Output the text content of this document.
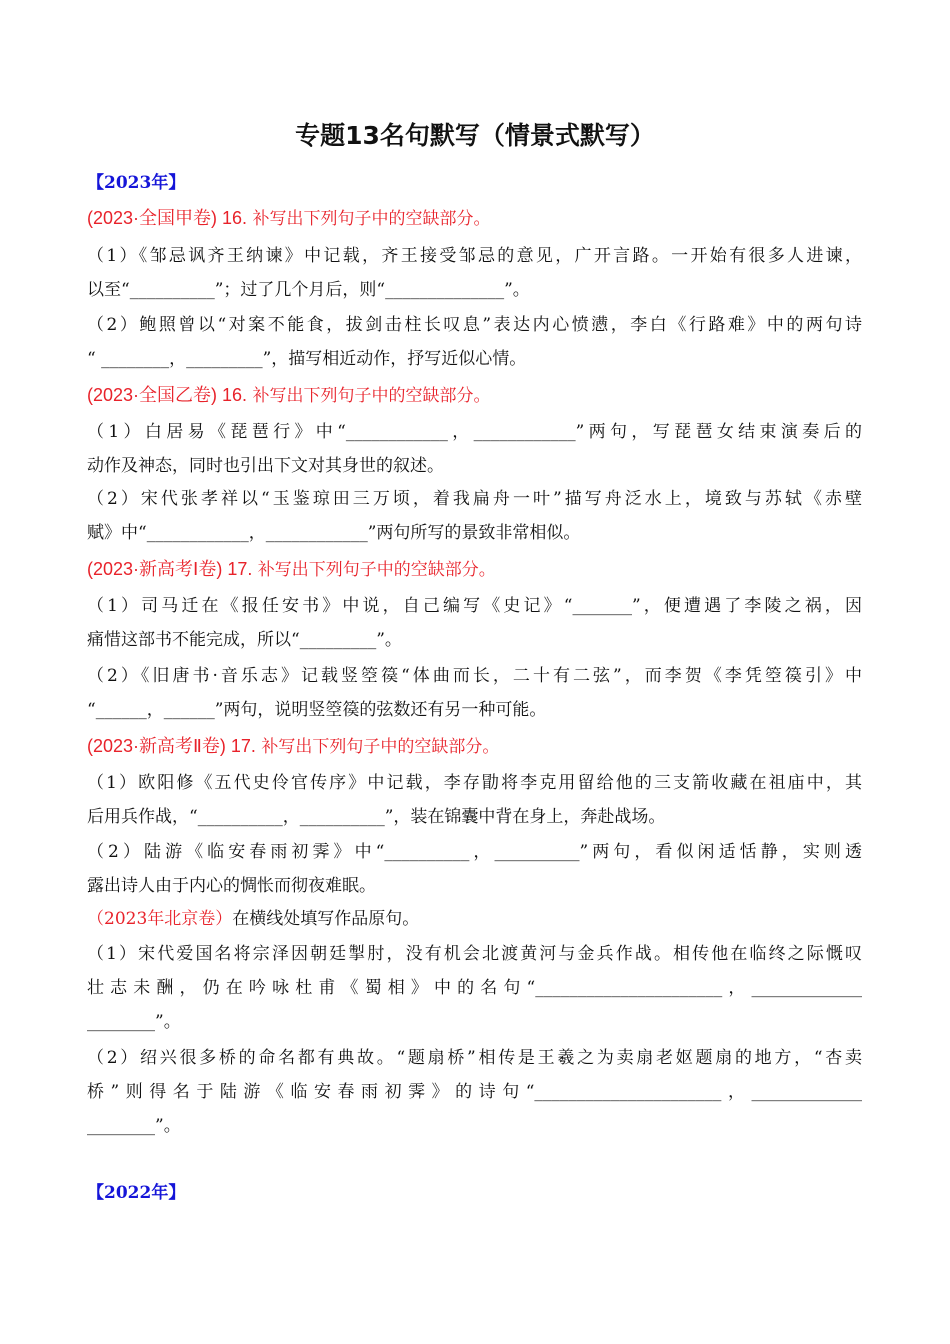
专题13名句默写（情景式默写）
【2023年】
(2023·全国甲卷) 16. 补写出下列句子中的空缺部分。
（1）《邹忌讽齐王纳谏》中记载，齐王接受邹忌的意见，广开言路。一开始有很多人进谏，
以至“__________”；过了几个月后，则“______________”。
（2）鲍照曾以“对案不能食，拔剑击柱长叹息”表达内心愤懑，李白《行路难》中的两句诗
“ ________，_________”，描写相近动作，抒写近似心情。
(2023·全国乙卷) 16. 补写出下列句子中的空缺部分。
（1）白居易《琵琶行》中“____________，____________”两句，写琵琶女结束演奏后的
动作及神态，同时也引出下文对其身世的叙述。
（2）宋代张孝祥以“玉鉴琼田三万顷，着我扁舟一叶”描写舟泛水上，境致与苏轼《赤壁
赋》中“____________，____________”两句所写的景致非常相似。
(2023·新高考Ⅰ卷) 17. 补写出下列句子中的空缺部分。
（1）司马迁在《报任安书》中说，自己编写《史记》“_______”，便遭遇了李陵之祸，因
痛惜这部书不能完成，所以“_________”。
（2）《旧唐书·音乐志》记载竖箜篌“体曲而长，二十有二弦”，而李贺《李凭箜篌引》中
“______，______”两句，说明竖箜篌的弦数还有另一种可能。
(2023·新高考Ⅱ卷) 17. 补写出下列句子中的空缺部分。
（1）欧阳修《五代史伶官传序》中记载，李存勖将李克用留给他的三支箭收藏在祖庙中，其
后用兵作战，“__________，__________”，装在锦囊中背在身上，奔赴战场。
（2）陆游《临安春雨初霁》中“__________，__________”两句，看似闲适恬静，实则透
露出诗人由于内心的惆怅而彻夜难眠。
（2023年北京卷）在横线处填写作品原句。
（1）宋代爱国名将宗泽因朝廷掣肘，没有机会北渡黄河与金兵作战。相传他在临终之际慨叹
壮志未酬，仍在吟咏杜甫《蜀相》中的名句“______________________，_____________
________”。
（2）绍兴很多桥的命名都有典故。“题扇桥”相传是王羲之为卖扇老妪题扇的地方，“杏卖
桥”则得名于陆游《临安春雨初霁》的诗句“______________________，_____________
________”。
【2022年】
